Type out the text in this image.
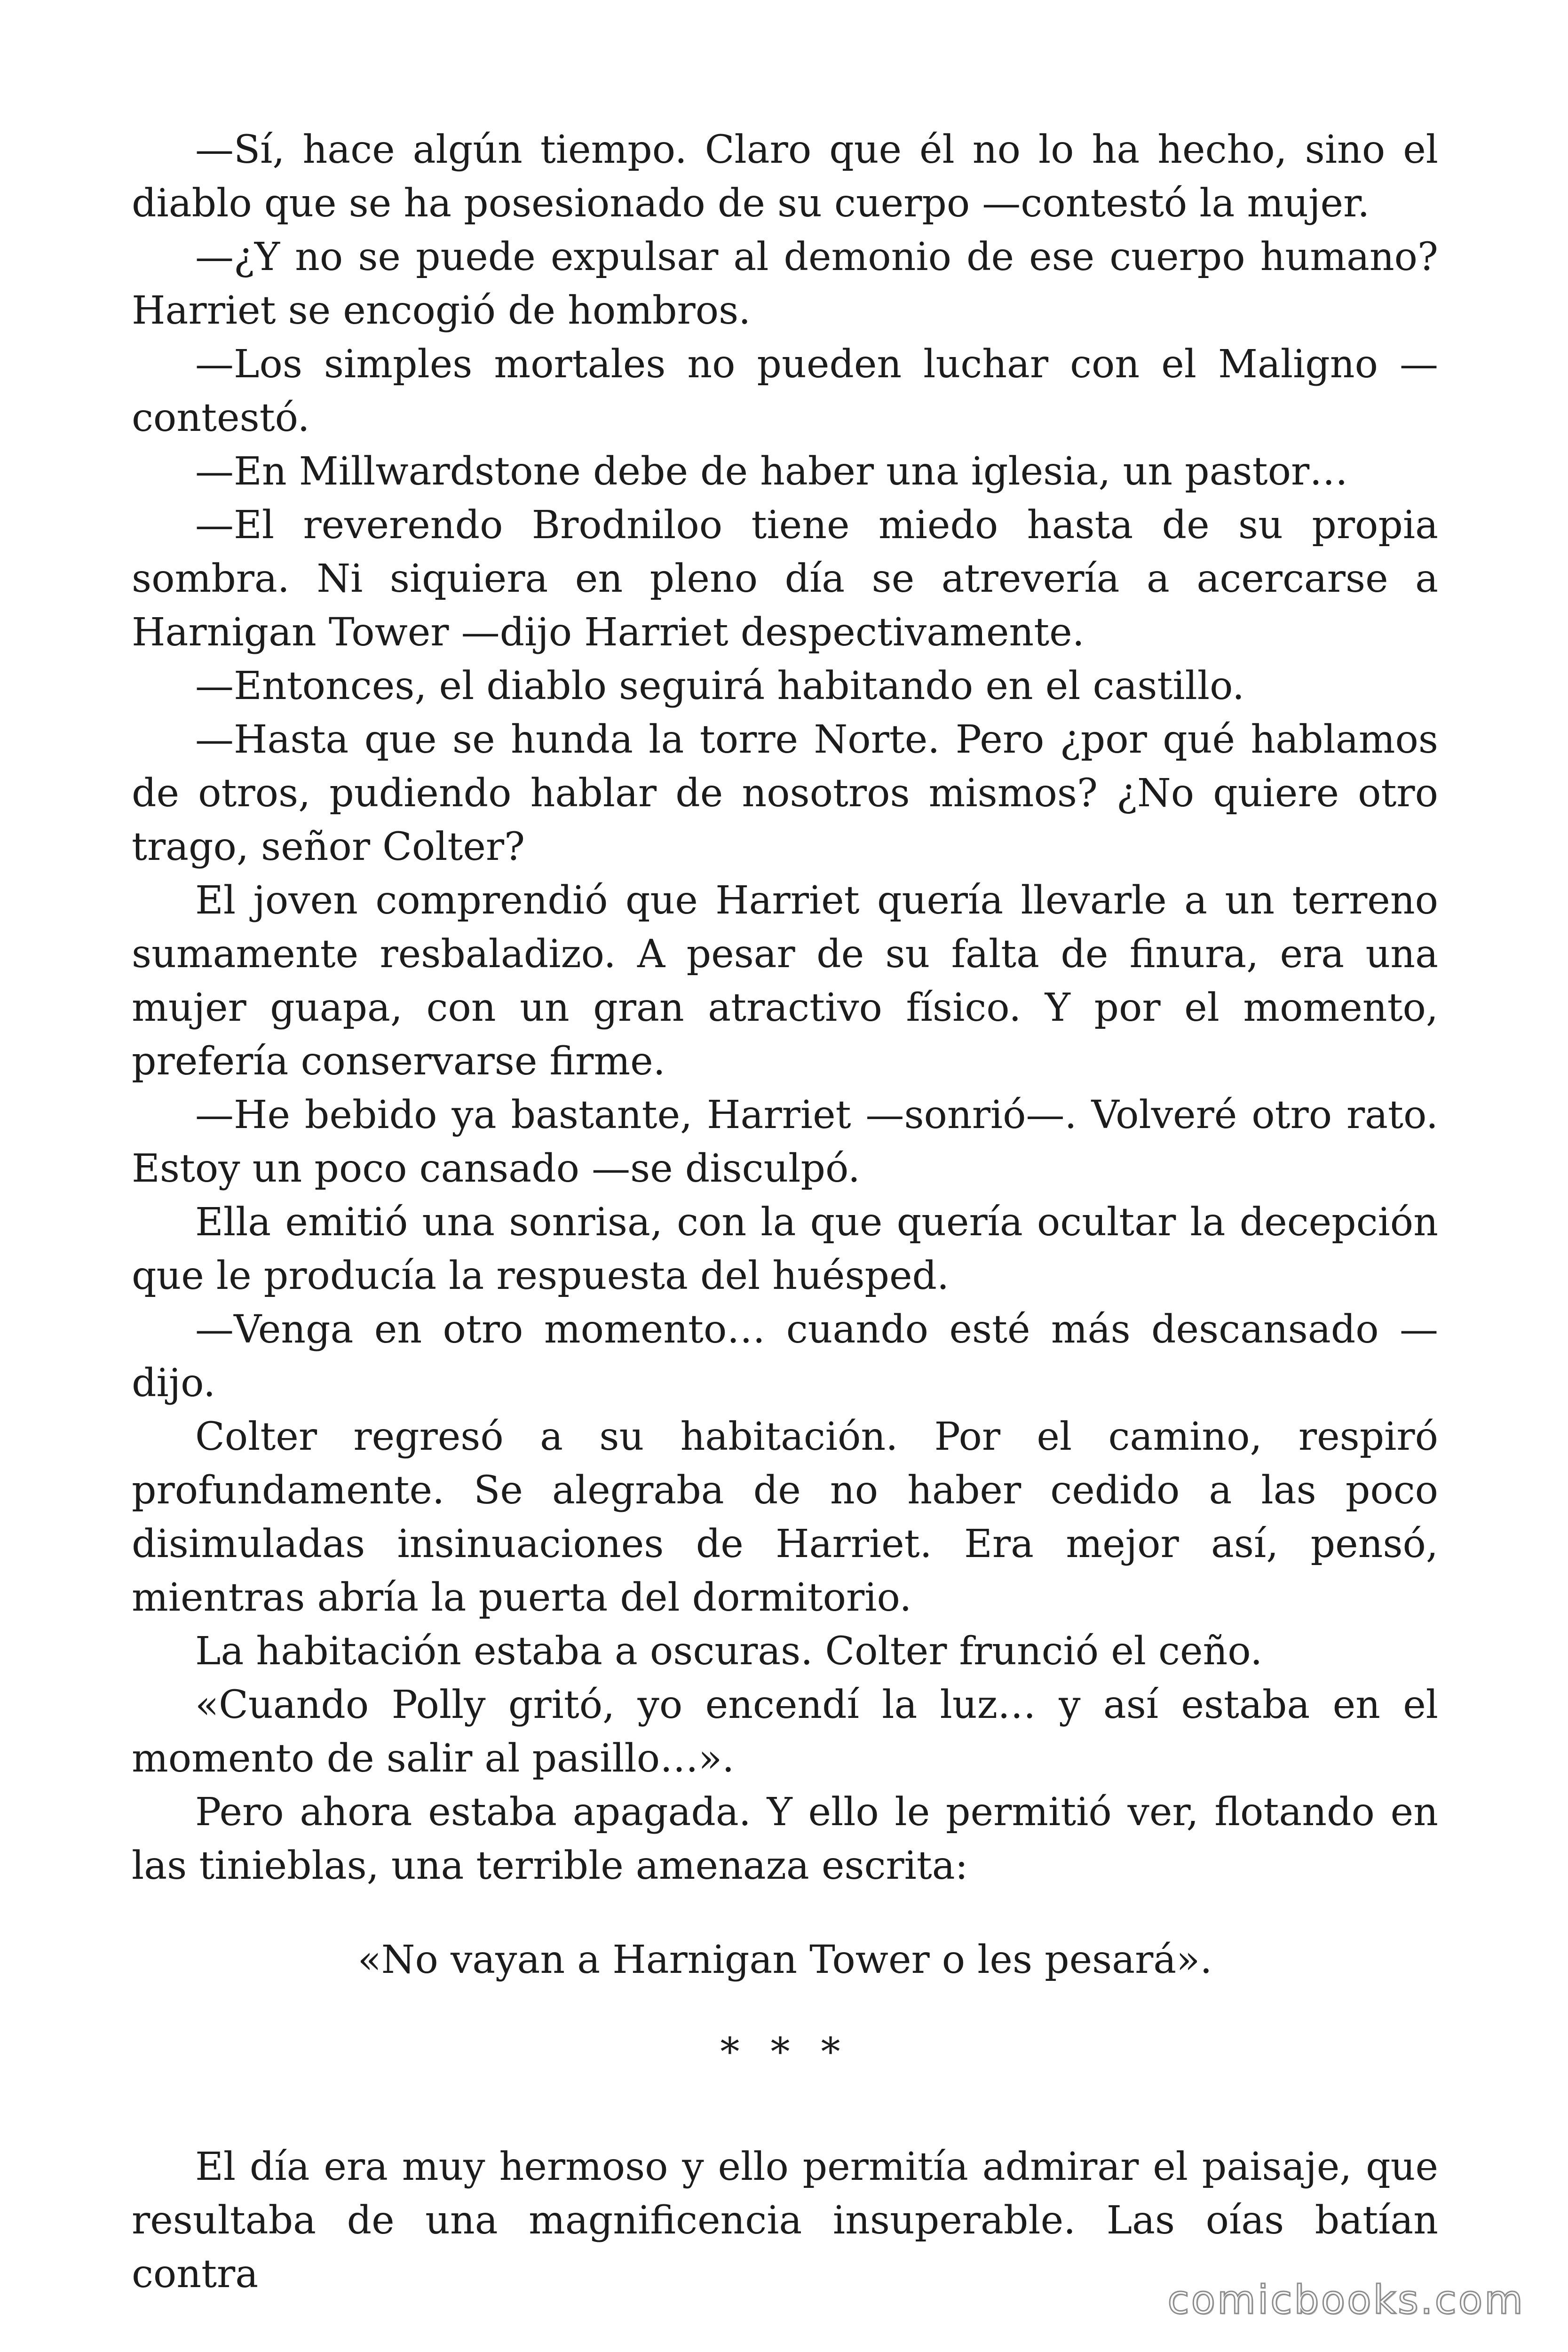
—Sí, hace algún tiempo. Claro que él no lo ha hecho, sino el diablo que se ha posesionado de su cuerpo —contestó la mujer.

—¿Y no se puede expulsar al demonio de ese cuerpo humano? Harriet se encogió de hombros.

—Los simples mortales no pueden luchar con el Maligno —contestó.

—En Millwardstone debe de haber una iglesia, un pastor…

—El reverendo Brodniloo tiene miedo hasta de su propia sombra. Ni siquiera en pleno día se atrevería a acercarse a Harnigan Tower —dijo Harriet despectivamente.

—Entonces, el diablo seguirá habitando en el castillo.

—Hasta que se hunda la torre Norte. Pero ¿por qué hablamos de otros, pudiendo hablar de nosotros mismos? ¿No quiere otro trago, señor Colter?

El joven comprendió que Harriet quería llevarle a un terreno sumamente resbaladizo. A pesar de su falta de finura, era una mujer guapa, con un gran atractivo físico. Y por el momento, prefería conservarse firme.

—He bebido ya bastante, Harriet —sonrió—. Volveré otro rato. Estoy un poco cansado —se disculpó.

Ella emitió una sonrisa, con la que quería ocultar la decepción que le producía la respuesta del huésped.

—Venga en otro momento… cuando esté más descansado —dijo.

Colter regresó a su habitación. Por el camino, respiró profundamente. Se alegraba de no haber cedido a las poco disimuladas insinuaciones de Harriet. Era mejor así, pensó, mientras abría la puerta del dormitorio.

La habitación estaba a oscuras. Colter frunció el ceño.

«Cuando Polly gritó, yo encendí la luz… y así estaba en el momento de salir al pasillo…».

Pero ahora estaba apagada. Y ello le permitió ver, flotando en las tinieblas, una terrible amenaza escrita:

«No vayan a Harnigan Tower o les pesará».

* * *

El día era muy hermoso y ello permitía admirar el paisaje, que resultaba de una magnificencia insuperable. Las oías batían contra

comicbooks.com
